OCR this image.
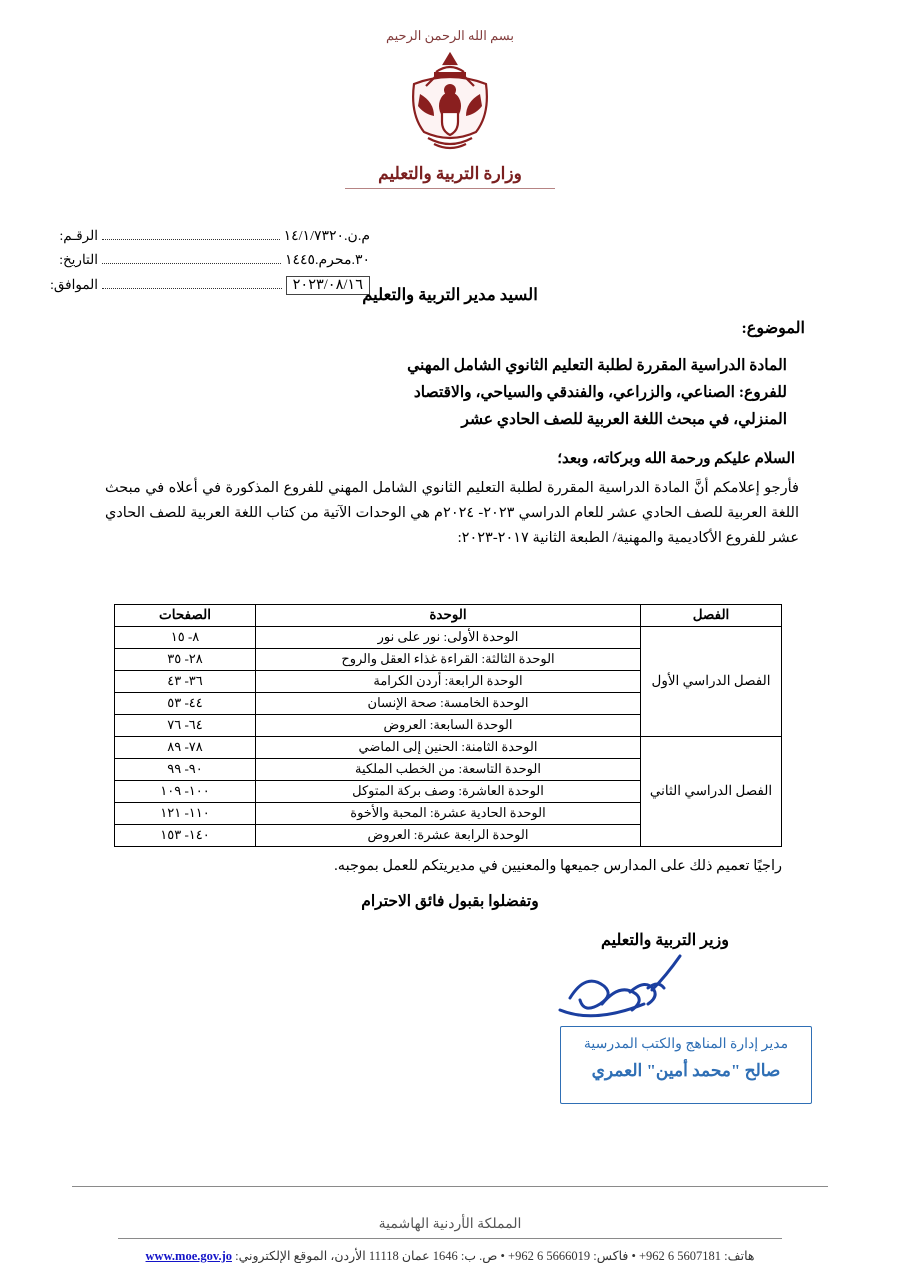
بسم الله الرحمن الرحيم
وزارة التربية والتعليم
م.ن.١٤/١/٧٣٢٠
الرقـم:
٣٠.محرم.١٤٤٥
التاريخ:
٢٠٢٣/٠٨/١٦
الموافق:
السيد مدير التربية والتعليم
الموضوع:
المادة الدراسية المقررة لطلبة التعليم الثانوي الشامل المهني
للفروع: الصناعي، والزراعي، والفندقي والسياحي، والاقتصاد
المنزلي، في مبحث اللغة العربية للصف الحادي عشر
السلام عليكم ورحمة الله وبركاته، وبعد؛
فأرجو إعلامكم أنَّ المادة الدراسية المقررة لطلبة التعليم الثانوي الشامل المهني للفروع المذكورة في أعلاه في مبحث اللغة العربية للصف الحادي عشر للعام الدراسي ٢٠٢٣- ٢٠٢٤م هي الوحدات الآتية من كتاب اللغة العربية للصف الحادي عشر للفروع الأكاديمية والمهنية/ الطبعة الثانية ٢٠١٧-٢٠٢٣:
الفصل	الوحدة	الصفحات
الفصل الدراسي الأول	الوحدة الأولى: نور على نور	٨- ١٥
	الوحدة الثالثة: القراءة غذاء العقل والروح	٢٨- ٣٥
	الوحدة الرابعة: أردن الكرامة	٣٦- ٤٣
	الوحدة الخامسة: صحة الإنسان	٤٤- ٥٣
	الوحدة السابعة: العروض	٦٤- ٧٦
الفصل الدراسي الثاني	الوحدة الثامنة: الحنين إلى الماضي	٧٨- ٨٩
	الوحدة التاسعة: من الخطب الملكية	٩٠- ٩٩
	الوحدة العاشرة: وصف بركة المتوكل	١٠٠- ١٠٩
	الوحدة الحادية عشرة: المحبة والأخوة	١١٠- ١٢١
	الوحدة الرابعة عشرة: العروض	١٤٠- ١٥٣
راجيًا تعميم ذلك على المدارس جميعها والمعنيين في مديريتكم للعمل بموجبه.
وتفضلوا بقبول فائق الاحترام
وزير التربية والتعليم
مدير إدارة المناهج والكتب المدرسية
صالح "محمد أمين" العمري
المملكة الأردنية الهاشمية
هاتف: 5607181 6 962+ • فاكس: 5666019 6 962+ • ص. ب: 1646 عمان 11118 الأردن، الموقع الإلكتروني: www.moe.gov.jo
